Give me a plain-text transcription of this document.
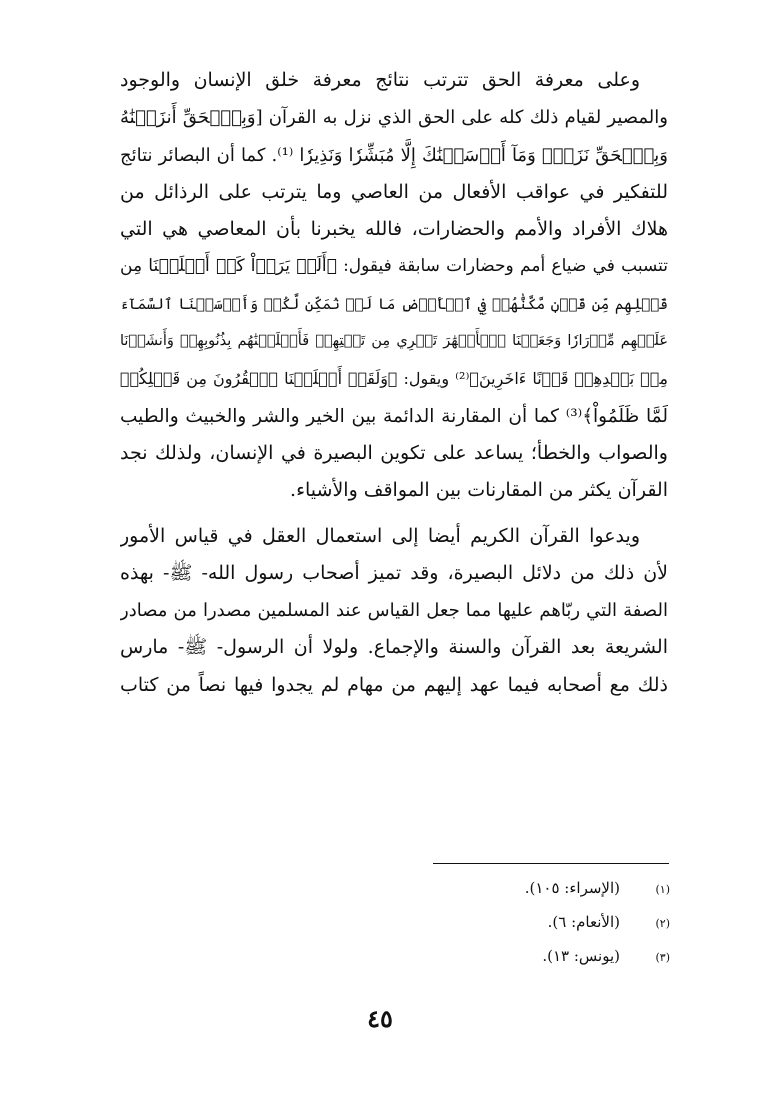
وعلى معرفة الحق تترتب نتائج معرفة خلق الإنسان والوجود
والمصير لقيام ذلك كله على الحق الذي نزل به القرآن [وَبِٱلۡحَقِّ أَنزَلۡنَٰهُ
وَبِٱلۡحَقِّ نَزَلَۗ وَمَآ أَرۡسَلۡنَٰكَ إِلَّا مُبَشِّرٗا وَنَذِيرٗا ⁽¹⁾. كما أن البصائر نتائج
للتفكير في عواقب الأفعال من العاصي وما يترتب على الرذائل من
هلاك الأفراد والأمم والحضارات، فالله يخبرنا بأن المعاصي هي التي
تتسبب في ضياع أمم وحضارات سابقة فيقول: ﴿أَلَمۡ يَرَوۡاْ كَمۡ أَهۡلَكۡنَا مِن
قَبۡلِهِم مِّن قَرۡنٖ مَّكَّنَّٰهُمۡ فِي ٱلۡأَرۡضِ مَا لَمۡ نُمَكِّن لَّكُمۡ وَأَرۡسَلۡنَا ٱلسَّمَآءَ
عَلَيۡهِم مِّدۡرَارٗا وَجَعَلۡنَا ٱلۡأَنۡهَٰرَ تَجۡرِي مِن تَحۡتِهِمۡ فَأَهۡلَكۡنَٰهُم بِذُنُوبِهِمۡ وَأَنشَأۡنَا
مِنۢ بَعۡدِهِمۡ قَرۡنًا ءَاخَرِينَ﴾⁽²⁾ ويقول: ﴿وَلَقَدۡ أَهۡلَكۡنَا ٱلۡقُرُونَ مِن قَبۡلِكُمۡ
لَمَّا ظَلَمُواْ﴾⁽³⁾ كما أن المقارنة الدائمة بين الخير والشر والخبيث والطيب
والصواب والخطأ؛ يساعد على تكوين البصيرة في الإنسان، ولذلك نجد
القرآن يكثر من المقارنات بين المواقف والأشياء.
ويدعوا القرآن الكريم أيضا إلى استعمال العقل في قياس الأمور
لأن ذلك من دلائل البصيرة، وقد تميز أصحاب رسول الله- ﷺ- بهذه
الصفة التي ربّاهم عليها مما جعل القياس عند المسلمين مصدرا من مصادر
الشريعة بعد القرآن والسنة والإجماع. ولولا أن الرسول- ﷺ- مارس
ذلك مع أصحابه فيما عهد إليهم من مهام لم يجدوا فيها نصاً من كتاب
(١)
(الإسراء: ١٠٥).
(٢)
(الأنعام: ٦).
(٣)
(يونس: ١٣).
٤٥
